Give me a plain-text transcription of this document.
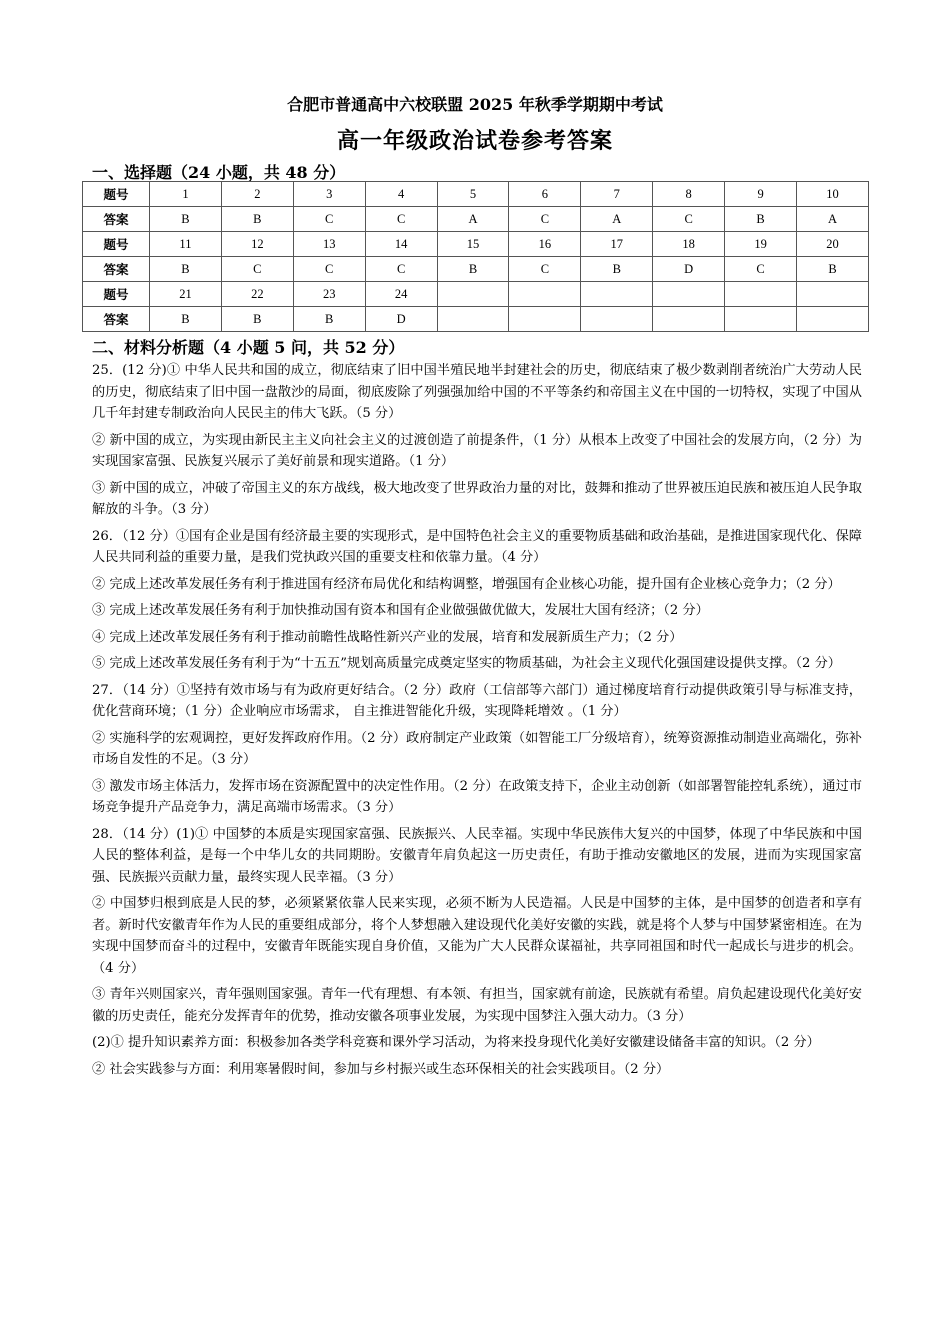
合肥市普通高中六校联盟 2025 年秋季学期期中考试
高一年级政治试卷参考答案
一、选择题（24 小题，共 48 分）
题号	1	2	3	4	5	6	7	8	9	10
答案	B	B	C	C	A	C	A	C	B	A
题号	11	12	13	14	15	16	17	18	19	20
答案	B	C	C	C	B	C	B	D	C	B
题号	21	22	23	24						
答案	B	B	B	D						
二、材料分析题（4 小题 5 问，共 52 分）

25．(12 分)① 中华人民共和国的成立，彻底结束了旧中国半殖民地半封建社会的历史，彻底结束了极少数剥削者统治广大劳动人民的历史，彻底结束了旧中国一盘散沙的局面，彻底废除了列强强加给中国的不平等条约和帝国主义在中国的一切特权，实现了中国从几千年封建专制政治向人民民主的伟大飞跃。（5 分）

② 新中国的成立，为实现由新民主主义向社会主义的过渡创造了前提条件，（1 分）从根本上改变了中国社会的发展方向，（2 分）为实现国家富强、民族复兴展示了美好前景和现实道路。（1 分）

③ 新中国的成立，冲破了帝国主义的东方战线，极大地改变了世界政治力量的对比，鼓舞和推动了世界被压迫民族和被压迫人民争取解放的斗争。（3 分）

26．（12 分）①国有企业是国有经济最主要的实现形式，是中国特色社会主义的重要物质基础和政治基础，是推进国家现代化、保障人民共同利益的重要力量，是我们党执政兴国的重要支柱和依靠力量。（4 分）

② 完成上述改革发展任务有利于推进国有经济布局优化和结构调整，增强国有企业核心功能，提升国有企业核心竞争力；（2 分）

③ 完成上述改革发展任务有利于加快推动国有资本和国有企业做强做优做大，发展壮大国有经济；（2 分）

④ 完成上述改革发展任务有利于推动前瞻性战略性新兴产业的发展，培育和发展新质生产力；（2 分）

⑤ 完成上述改革发展任务有利于为“十五五”规划高质量完成奠定坚实的物质基础，为社会主义现代化强国建设提供支撑。（2 分）

27．（14 分）①坚持有效市场与有为政府更好结合。（2 分）政府（工信部等六部门）通过梯度培育行动提供政策引导与标准支持，优化营商环境；（1 分）企业响应市场需求， 自主推进智能化升级，实现降耗增效 。（1 分）

② 实施科学的宏观调控，更好发挥政府作用。（2 分）政府制定产业政策（如智能工厂分级培育），统筹资源推动制造业高端化，弥补市场自发性的不足。（3 分）

③ 激发市场主体活力，发挥市场在资源配置中的决定性作用。（2 分）在政策支持下，企业主动创新（如部署智能控轧系统），通过市场竞争提升产品竞争力，满足高端市场需求。（3 分）

28．（14 分）(1)① 中国梦的本质是实现国家富强、民族振兴、人民幸福。实现中华民族伟大复兴的中国梦，体现了中华民族和中国人民的整体利益，是每一个中华儿女的共同期盼。安徽青年肩负起这一历史责任，有助于推动安徽地区的发展，进而为实现国家富强、民族振兴贡献力量，最终实现人民幸福。（3 分）

② 中国梦归根到底是人民的梦，必须紧紧依靠人民来实现，必须不断为人民造福。人民是中国梦的主体，是中国梦的创造者和享有者。新时代安徽青年作为人民的重要组成部分，将个人梦想融入建设现代化美好安徽的实践，就是将个人梦与中国梦紧密相连。在为实现中国梦而奋斗的过程中，安徽青年既能实现自身价值，又能为广大人民群众谋福祉，共享同祖国和时代一起成长与进步的机会。（4 分）

③ 青年兴则国家兴，青年强则国家强。青年一代有理想、有本领、有担当，国家就有前途，民族就有希望。肩负起建设现代化美好安徽的历史责任，能充分发挥青年的优势，推动安徽各项事业发展，为实现中国梦注入强大动力。（3 分）

(2)① 提升知识素养方面：积极参加各类学科竞赛和课外学习活动，为将来投身现代化美好安徽建设储备丰富的知识。（2 分）

② 社会实践参与方面：利用寒暑假时间，参加与乡村振兴或生态环保相关的社会实践项目。（2 分）
